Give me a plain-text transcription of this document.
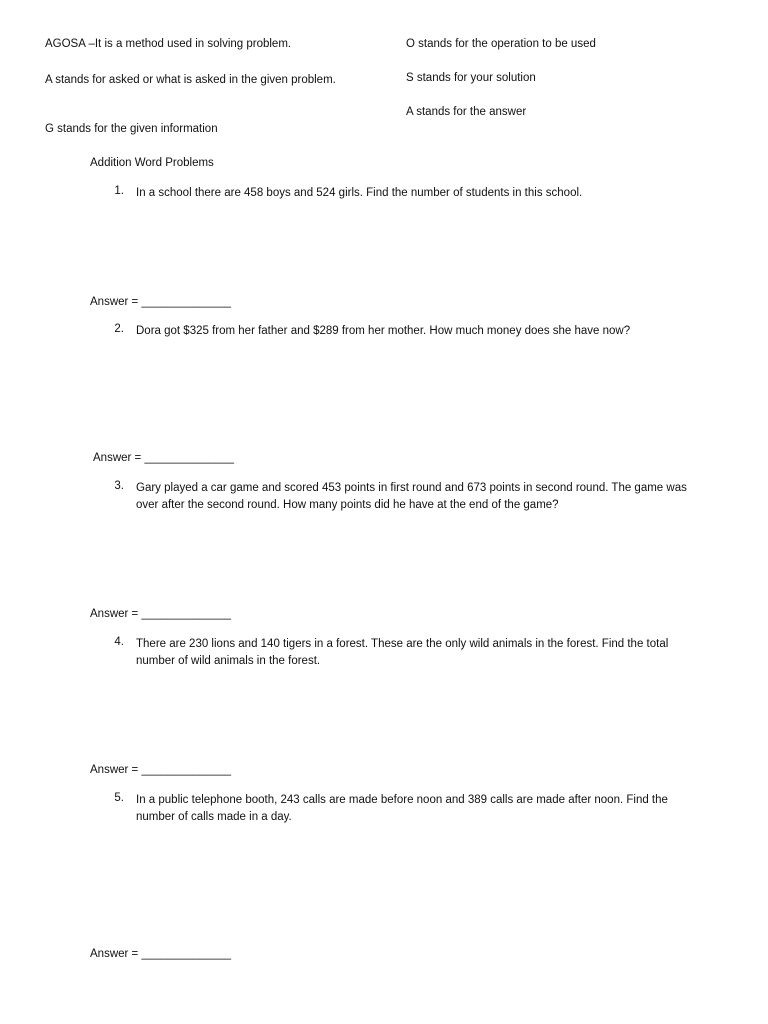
AGOSA –It is a method used in solving problem.
A stands for asked or what is asked in the given problem.
G stands for the given information
O stands for the operation to be used
S stands for your solution
A stands for the answer
Addition Word Problems
1. In a school there are 458 boys and 524 girls. Find the number of students in this school.
Answer = ______________
2. Dora got $325 from her father and $289 from her mother. How much money does she have now?
Answer = ______________
3. Gary played a car game and scored 453 points in first round and 673 points in second round. The game was over after the second round. How many points did he have at the end of the game?
Answer = ______________
4. There are 230 lions and 140 tigers in a forest. These are the only wild animals in the forest. Find the total number of wild animals in the forest.
Answer = ______________
5. In a public telephone booth, 243 calls are made before noon and 389 calls are made after noon. Find the number of calls made in a day.
Answer = ______________
